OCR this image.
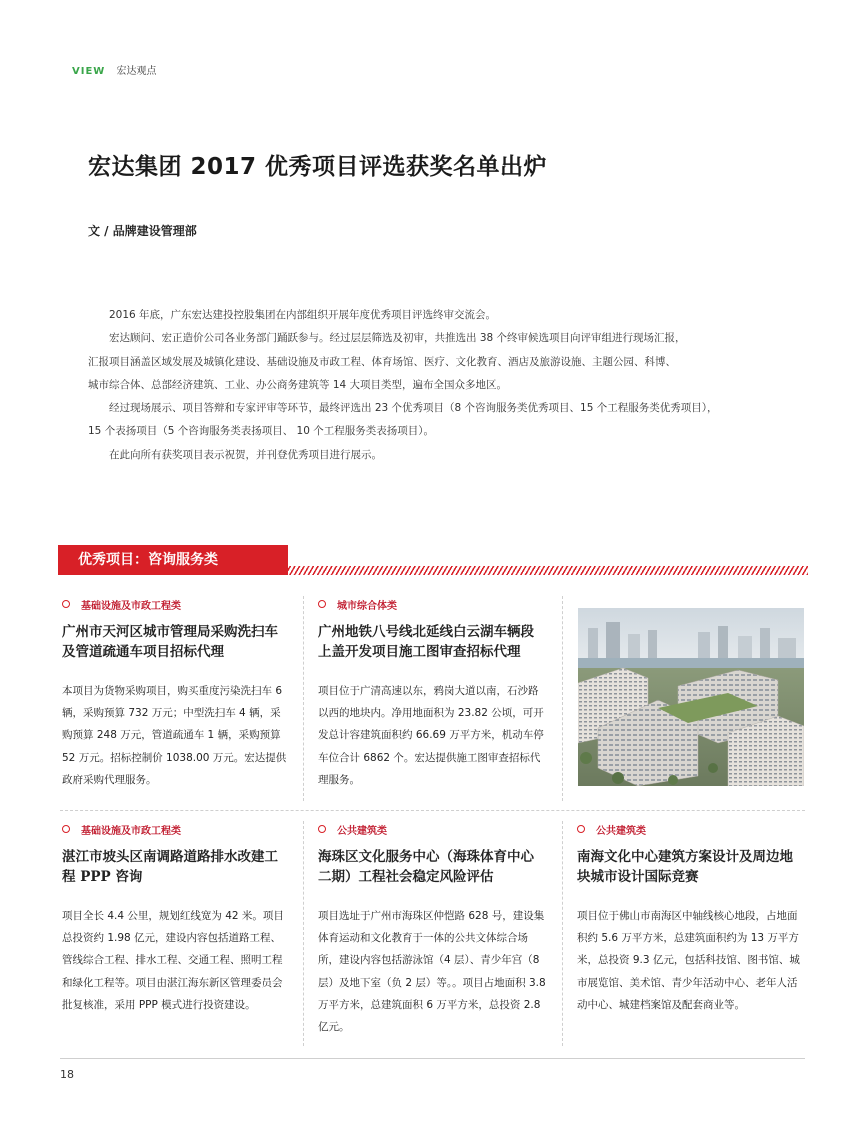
VIEW 宏达观点
宏达集团 2017 优秀项目评选获奖名单出炉
文 / 品牌建设管理部

2016 年底，广东宏达建投控股集团在内部组织开展年度优秀项目评选终审交流会。

宏达顾问、宏正造价公司各业务部门踊跃参与。经过层层筛选及初审，共推选出 38 个终审候选项目向评审组进行现场汇报，

汇报项目涵盖区域发展及城镇化建设、基础设施及市政工程、体育场馆、医疗、文化教育、酒店及旅游设施、主题公园、科博、

城市综合体、总部经济建筑、工业、办公商务建筑等 14 大项目类型，遍布全国众多地区。

经过现场展示、项目答辩和专家评审等环节，最终评选出 23 个优秀项目（8 个咨询服务类优秀项目、15 个工程服务类优秀项目），

15 个表扬项目（5 个咨询服务类表扬项目、 10 个工程服务类表扬项目）。

在此向所有获奖项目表示祝贺，并刊登优秀项目进行展示。

优秀项目：咨询服务类
基础设施及市政工程类
广州市天河区城市管理局采购洗扫车及管道疏通车项目招标代理
本项目为货物采购项目，购买重度污染洗扫车 6 辆，采购预算 732 万元；中型洗扫车 4 辆，采购预算 248 万元，管道疏通车 1 辆，采购预算 52 万元。招标控制价 1038.00 万元。宏达提供政府采购代理服务。
城市综合体类
广州地铁八号线北延线白云湖车辆段上盖开发项目施工图审查招标代理
项目位于广清高速以东，鸦岗大道以南，石沙路以西的地块内。净用地面积为 23.82 公顷，可开发总计容建筑面积约 66.69 万平方米，机动车停车位合计 6862 个。宏达提供施工图审查招标代理服务。
基础设施及市政工程类
湛江市坡头区南调路道路排水改建工程 PPP 咨询
项目全长 4.4 公里，规划红线宽为 42 米。项目总投资约 1.98 亿元，建设内容包括道路工程、管线综合工程、排水工程、交通工程、照明工程和绿化工程等。项目由湛江海东新区管理委员会批复核准，采用 PPP 模式进行投资建设。
公共建筑类
海珠区文化服务中心（海珠体育中心二期）工程社会稳定风险评估
项目选址于广州市海珠区仲恺路 628 号，建设集体育运动和文化教育于一体的公共文体综合场所，建设内容包括游泳馆（4 层）、青少年宫（8 层）及地下室（负 2 层）等。。项目占地面积 3.8 万平方米，总建筑面积 6 万平方米，总投资 2.8 亿元。
公共建筑类
南海文化中心建筑方案设计及周边地块城市设计国际竞赛
项目位于佛山市南海区中轴线核心地段，占地面积约 5.6 万平方米，总建筑面积约为 13 万平方米，总投资 9.3 亿元，包括科技馆、图书馆、城市展览馆、美术馆、青少年活动中心、老年人活动中心、城建档案馆及配套商业等。
18
